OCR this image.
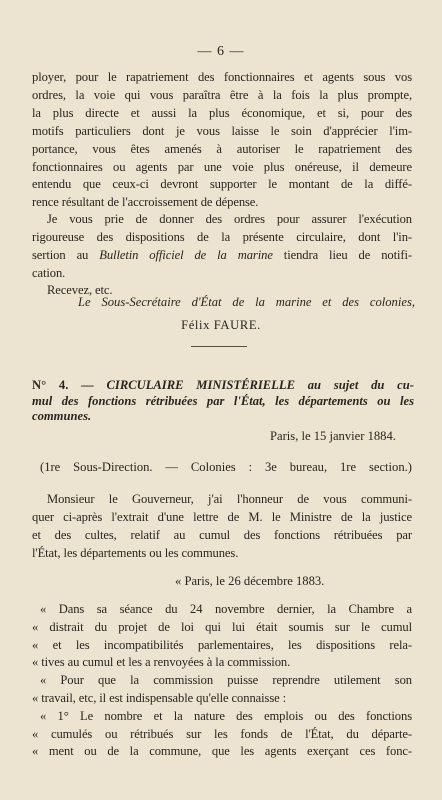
— 6 —
ployer, pour le rapatriement des fonctionnaires et agents sous vos
ordres, la voie qui vous paraîtra être à la fois la plus prompte,
la plus directe et aussi la plus économique, et si, pour des
motifs particuliers dont je vous laisse le soin d'apprécier l'im-
portance, vous êtes amenés à autoriser le rapatriement des
fonctionnaires ou agents par une voie plus onéreuse, il demeure
entendu que ceux-ci devront supporter le montant de la diffé-
rence résultant de l'accroissement de dépense.
Je vous prie de donner des ordres pour assurer l'exécution
rigoureuse des dispositions de la présente circulaire, dont l'in-
sertion au Bulletin officiel de la marine tiendra lieu de notifi-
cation.
Recevez, etc.
Le Sous-Secrétaire d'État de la marine et des colonies,
Félix FAURE.
N° 4. — CIRCULAIRE MINISTÉRIELLE au sujet du cu-
mul des fonctions rétribuées par l'État, les départements ou les
communes.
Paris, le 15 janvier 1884.
(1re Sous-Direction. — Colonies : 3e bureau, 1re section.)
Monsieur le Gouverneur, j'ai l'honneur de vous communi-
quer ci-après l'extrait d'une lettre de M. le Ministre de la justice
et des cultes, relatif au cumul des fonctions rétribuées par
l'État, les départements ou les communes.
« Paris, le 26 décembre 1883.
« Dans sa séance du 24 novembre dernier, la Chambre a
« distrait du projet de loi qui lui était soumis sur le cumul
« et les incompatibilités parlementaires, les dispositions rela-
« tives au cumul et les a renvoyées à la commission.
« Pour que la commission puisse reprendre utilement son
« travail, etc, il est indispensable qu'elle connaisse :
« 1° Le nombre et la nature des emplois ou des fonctions
« cumulés ou rétribués sur les fonds de l'État, du départe-
« ment ou de la commune, que les agents exerçant ces fonc-
